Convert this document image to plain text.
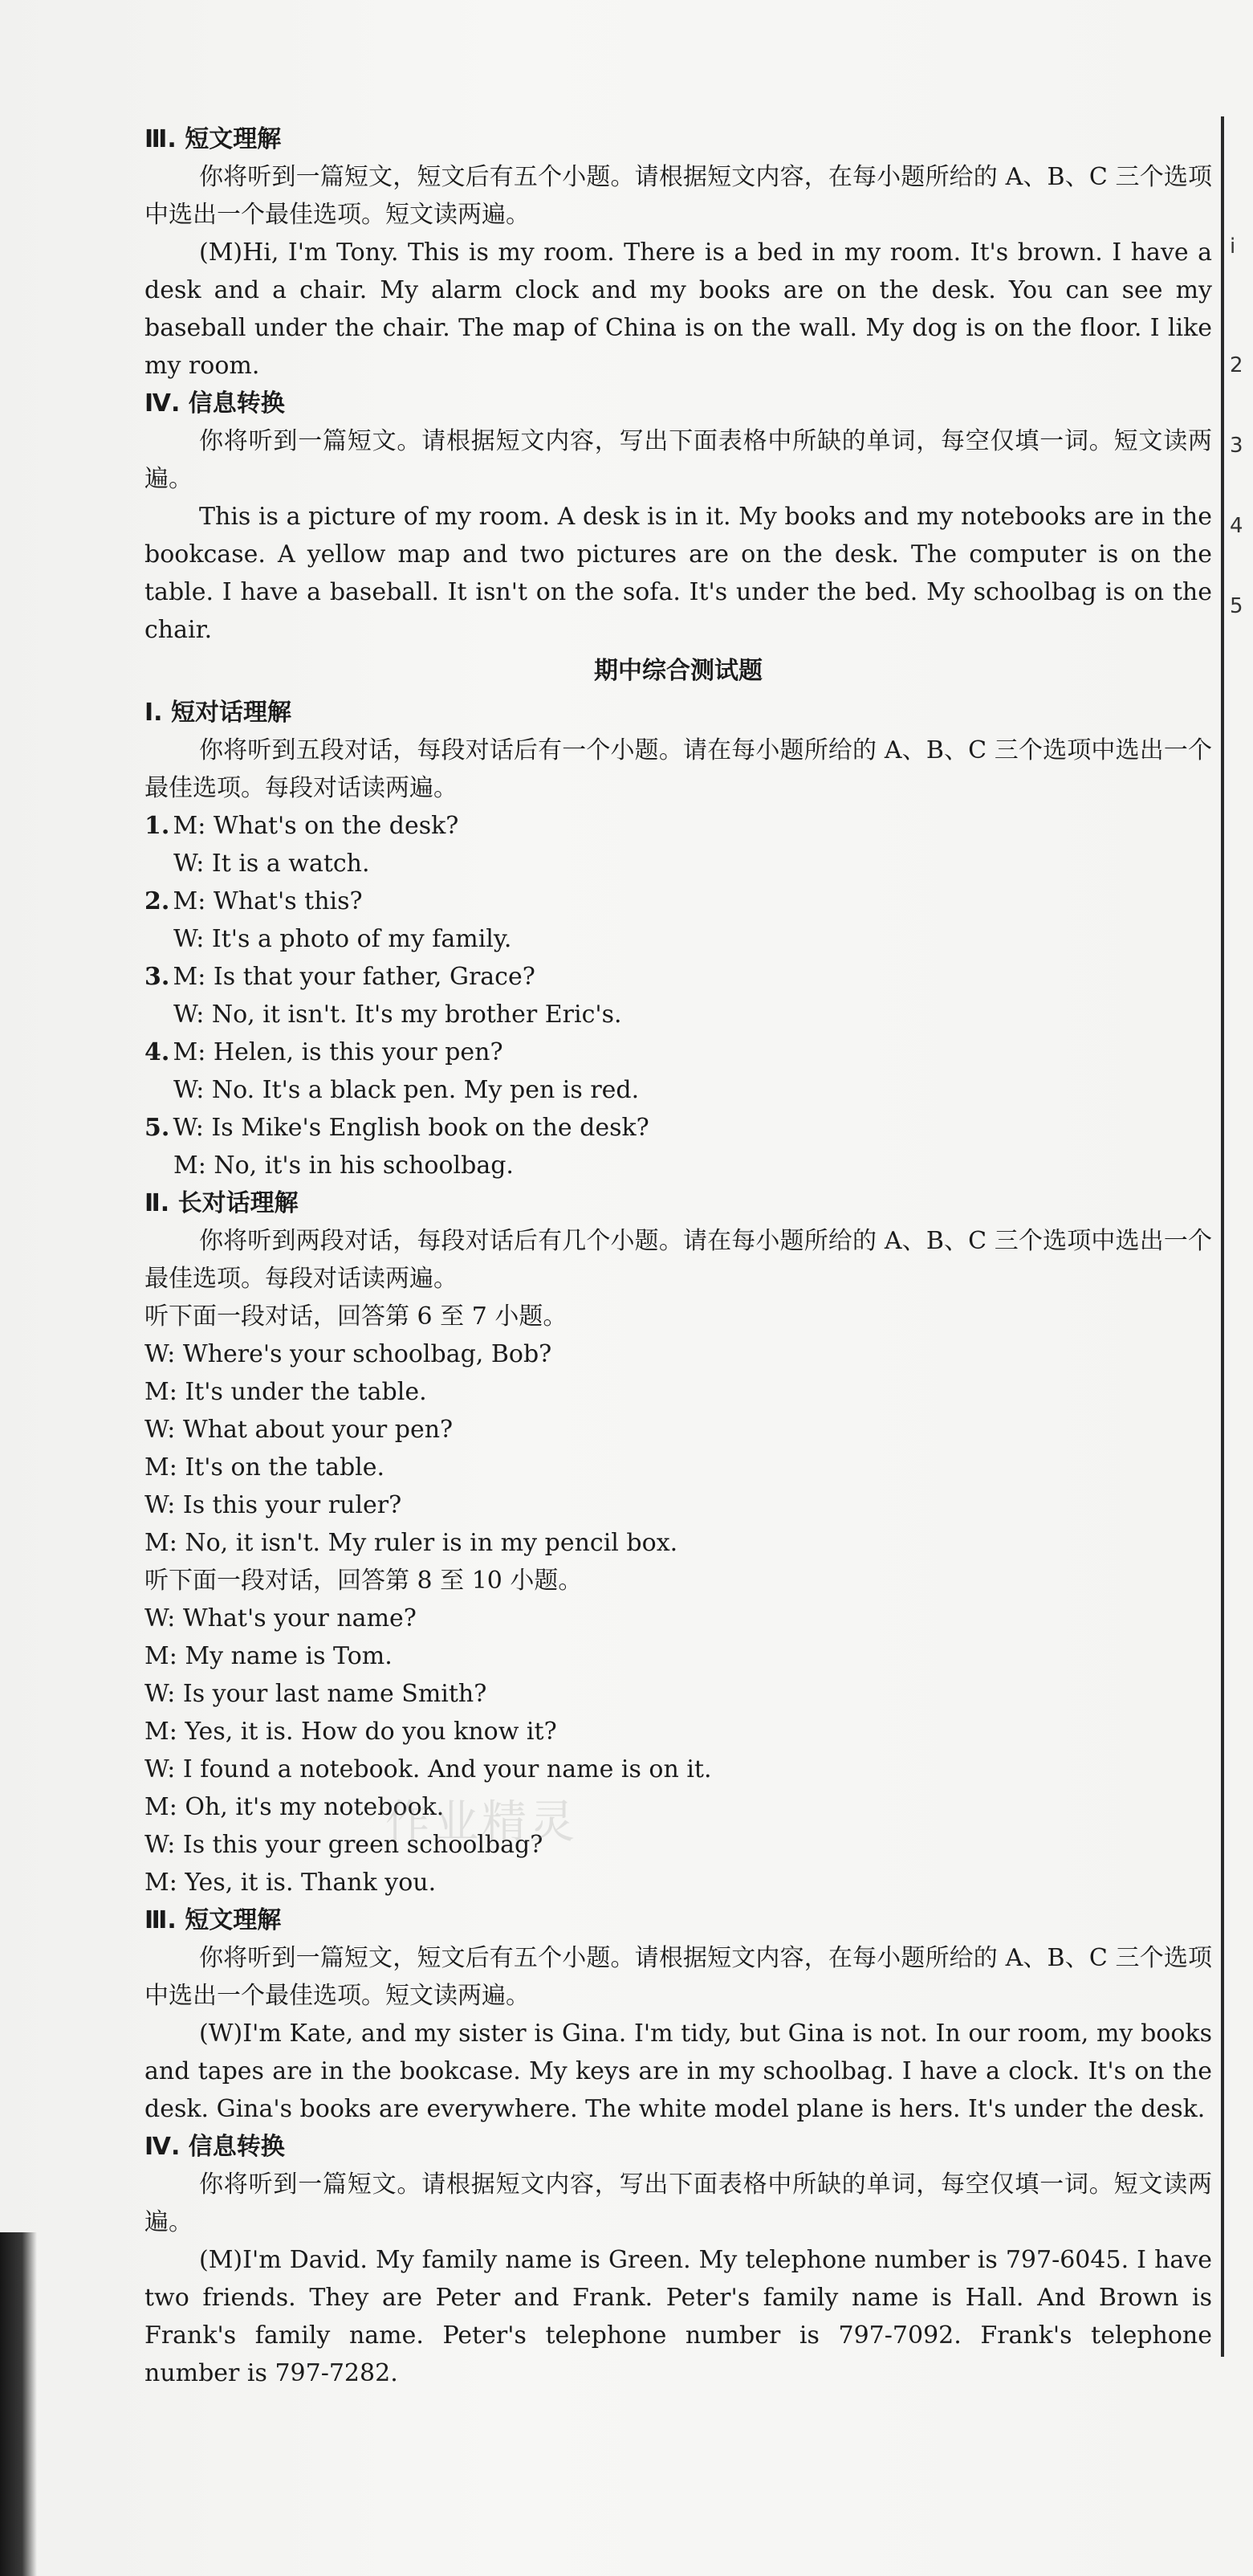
i
2
3
4
5
Ⅲ. 短文理解
你将听到一篇短文，短文后有五个小题。请根据短文内容，在每小题所给的 A、B、C 三个选项中选出一个最佳选项。短文读两遍。
(M)Hi, I'm Tony. This is my room. There is a bed in my room. It's brown. I have a desk and a chair. My alarm clock and my books are on the desk. You can see my baseball under the chair. The map of China is on the wall. My dog is on the floor. I like my room.
Ⅳ. 信息转换
你将听到一篇短文。请根据短文内容，写出下面表格中所缺的单词，每空仅填一词。短文读两遍。
This is a picture of my room. A desk is in it. My books and my notebooks are in the bookcase. A yellow map and two pictures are on the desk. The computer is on the table. I have a baseball. It isn't on the sofa. It's under the bed. My schoolbag is on the chair.
期中综合测试题
Ⅰ. 短对话理解
你将听到五段对话，每段对话后有一个小题。请在每小题所给的 A、B、C 三个选项中选出一个最佳选项。每段对话读两遍。
1. M: What's on the desk?
W: It is a watch.
2. M: What's this?
W: It's a photo of my family.
3. M: Is that your father, Grace?
W: No, it isn't. It's my brother Eric's.
4. M: Helen, is this your pen?
W: No. It's a black pen. My pen is red.
5. W: Is Mike's English book on the desk?
M: No, it's in his schoolbag.
Ⅱ. 长对话理解
你将听到两段对话，每段对话后有几个小题。请在每小题所给的 A、B、C 三个选项中选出一个最佳选项。每段对话读两遍。
听下面一段对话，回答第 6 至 7 小题。
W: Where's your schoolbag, Bob?
M: It's under the table.
W: What about your pen?
M: It's on the table.
W: Is this your ruler?
M: No, it isn't. My ruler is in my pencil box.
听下面一段对话，回答第 8 至 10 小题。
W: What's your name?
M: My name is Tom.
W: Is your last name Smith?
M: Yes, it is. How do you know it?
W: I found a notebook. And your name is on it.
M: Oh, it's my notebook.
W: Is this your green schoolbag?
M: Yes, it is. Thank you.
Ⅲ. 短文理解
你将听到一篇短文，短文后有五个小题。请根据短文内容，在每小题所给的 A、B、C 三个选项中选出一个最佳选项。短文读两遍。
(W)I'm Kate, and my sister is Gina. I'm tidy, but Gina is not. In our room, my books and tapes are in the bookcase. My keys are in my schoolbag. I have a clock. It's on the desk. Gina's books are everywhere. The white model plane is hers. It's under the desk.
Ⅳ. 信息转换
你将听到一篇短文。请根据短文内容，写出下面表格中所缺的单词，每空仅填一词。短文读两遍。
(M)I'm David. My family name is Green. My telephone number is 797-6045. I have two friends. They are Peter and Frank. Peter's family name is Hall. And Brown is Frank's family name. Peter's telephone number is 797-7092. Frank's telephone number is 797-7282.
作业精灵
